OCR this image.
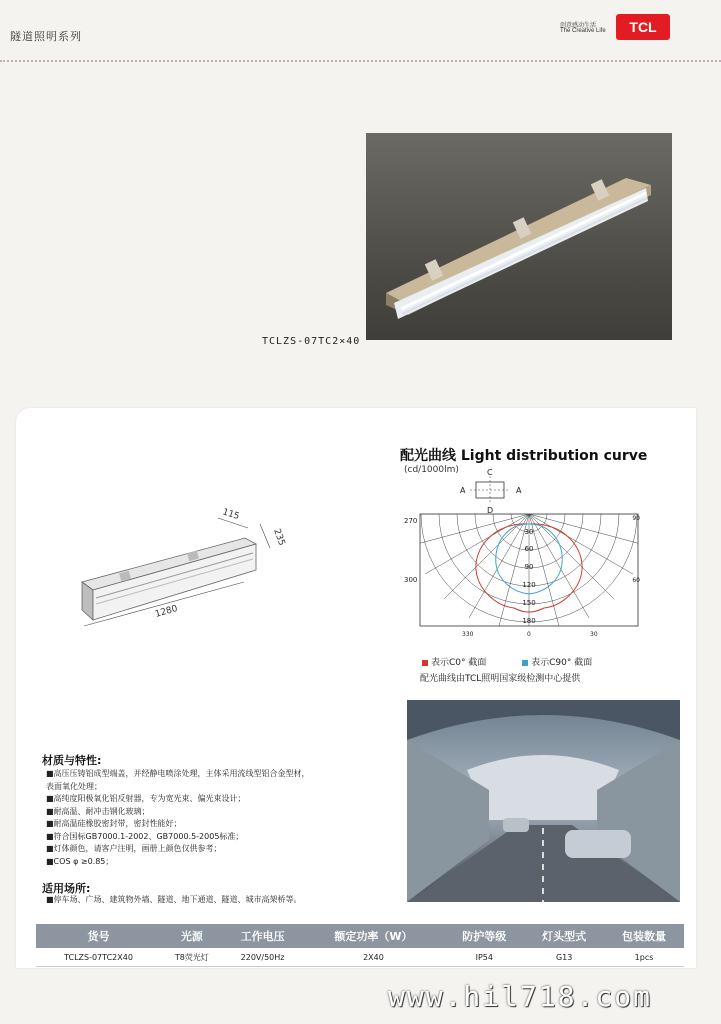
隧道照明系列
创意感动生活
The Creative Life	TCL
TCLZS-07TC2×40
115
235
1280
配光曲线 Light distribution curve
(cd/1000lm)	C
A	A
D
270
300
330	0	30
60
90
30
60
90
120
150
180
表示C0° 截面	表示C90° 截面
配光曲线由TCL照明国家级检测中心提供
材质与特性:
■高压压铸铝成型端盖，并经静电喷涂处理，主体采用流线型铝合金型材，
表面氧化处理；
■高纯度阳极氧化铝反射器，专为宽光束、偏光束设计；
■耐高温、耐冲击钢化玻璃；
■耐高温硅橡胶密封带，密封性能好；
■符合国标GB7000.1-2002、GB7000.5-2005标准；
■灯体颜色，请客户注明，画册上颜色仅供参考；
■COS φ ≥0.85；
适用场所:
■停车场、广场、建筑物外墙、隧道、地下通道、隧道、城市高架桥等。
货号	光源	工作电压	额定功率（W）	防护等级	灯头型式	包装数量
TCLZS-07TC2X40	T8荧光灯	220V/50Hz	2X40	IP54	G13	1pcs
www.hil718.com
